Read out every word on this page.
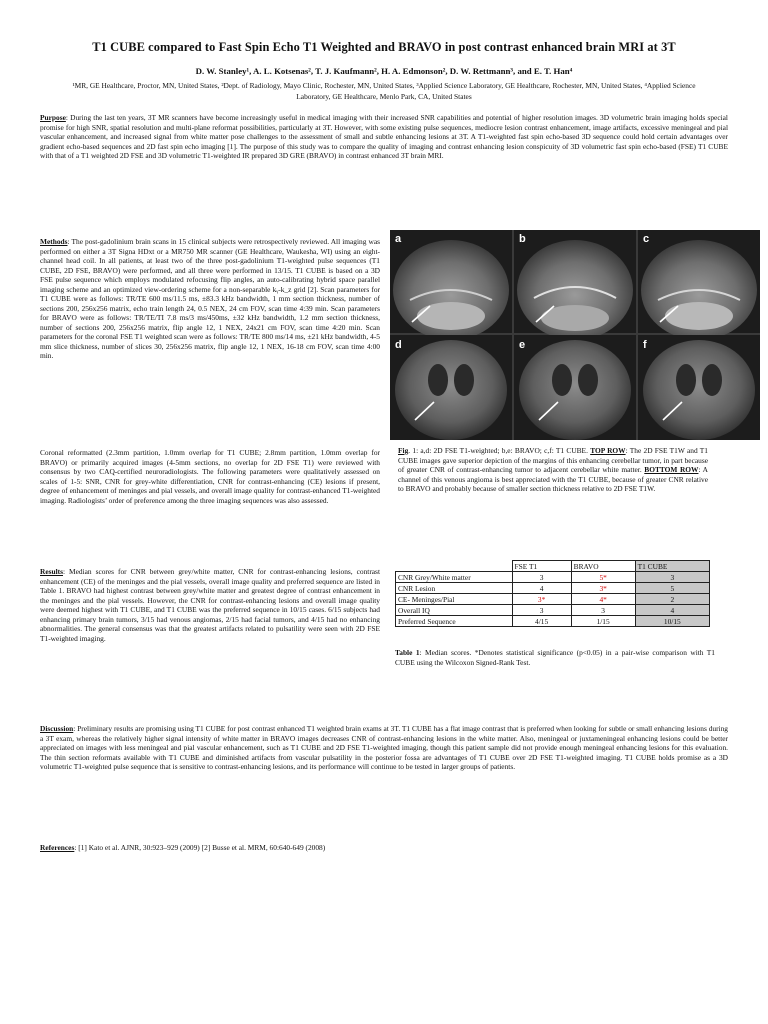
T1 CUBE compared to Fast Spin Echo T1 Weighted and BRAVO in post contrast enhanced brain MRI at 3T
D. W. Stanley¹, A. L. Kotsenas², T. J. Kaufmann², H. A. Edmonson², D. W. Rettmann³, and E. T. Han⁴
¹MR, GE Healthcare, Proctor, MN, United States, ²Dept. of Radiology, Mayo Clinic, Rochester, MN, United States, ³Applied Science Laboratory, GE Healthcare, Rochester, MN, United States, ⁴Applied Science Laboratory, GE Healthcare, Menlo Park, CA, United States

Purpose: During the last ten years, 3T MR scanners have become increasingly useful in medical imaging with their increased SNR capabilities and potential of higher resolution images. 3D volumetric brain imaging holds special promise for high SNR, spatial resolution and multi-plane reformat possibilities, particularly at 3T. However, with some existing pulse sequences, mediocre lesion contrast enhancement, image artifacts, excessive meningeal and pial vascular enhancement, and increased signal from white matter pose challenges to the assessment of small and subtle enhancing lesions at 3T. A T1-weighted fast spin echo-based 3D sequence could hold certain advantages over gradient echo-based sequences and 2D fast spin echo imaging [1]. The purpose of this study was to compare the quality of imaging and contrast enhancing lesion conspicuity of 3D volumetric fast spin echo-based (FSE) T1 CUBE with that of a T1 weighted 2D FSE and 3D volumetric T1-weighted IR prepared 3D GRE (BRAVO) in contrast enhanced 3T brain MRI.

Methods: The post-gadolinium brain scans in 15 clinical subjects were retrospectively reviewed. All imaging was performed on either a 3T Signa HDxt or a MR750 MR scanner (GE Healthcare, Waukesha, WI) using an eight-channel head coil. In all patients, at least two of the three post-gadolinium T1-weighted pulse sequences (T1 CUBE, 2D FSE, BRAVO) were performed, and all three were performed in 13/15. T1 CUBE is based on a 3D FSE pulse sequence which employs modulated refocusing flip angles, an auto-calibrating hybrid space parallel imaging scheme and an optimized view-ordering scheme for a non-separable kᵧ-k_z grid [2]. Scan parameters for T1 CUBE were as follows: TR/TE 600 ms/11.5 ms, ±83.3 kHz bandwidth, 1 mm section thickness, number of sections 200, 256x256 matrix, echo train length 24, 0.5 NEX, 24 cm FOV, scan time 4:39 min. Scan parameters for BRAVO were as follows: TR/TE/TI 7.8 ms/3 ms/450ms, ±32 kHz bandwidth, 1.2 mm section thickness, number of sections 200, 256x256 matrix, flip angle 12, 1 NEX, 24x21 cm FOV, scan time 4:20 min. Scan parameters for the coronal FSE T1 weighted scan were as follows: TR/TE 800 ms/14 ms, ±21 kHz bandwidth, 4-5 mm slice thickness, number of slices 30, 256x256 matrix, flip angle 12, 1 NEX, 16-18 cm FOV, scan time 4:00 min.

Coronal reformatted (2.3mm partition, 1.0mm overlap for T1 CUBE; 2.8mm partition, 1.0mm overlap for BRAVO) or primarily acquired images (4-5mm sections, no overlap for 2D FSE T1) were reviewed with consensus by two CAQ-certified neuroradiologists. The following parameters were qualitatively assessed on scales of 1-5: SNR, CNR for grey-white differentiation, CNR for contrast-enhancing (CE) lesions if present, degree of enhancement of meninges and pial vessels, and overall image quality for contrast-enhanced T1-weighted imaging. Radiologists’ order of preference among the three imaging sequences was also assessed.

Results: Median scores for CNR between grey/white matter, CNR for contrast-enhancing lesions, contrast enhancement (CE) of the meninges and the pial vessels, overall image quality and preferred sequence are listed in Table 1. BRAVO had highest contrast between grey/white matter and greatest degree of contrast enhancement in the meninges and the pial vessels. However, the CNR for contrast-enhancing lesions and overall image quality were deemed highest with T1 CUBE, and T1 CUBE was the preferred sequence in 10/15 cases. 6/15 subjects had enhancing primary brain tumors, 3/15 had venous angiomas, 2/15 had facial tumors, and 4/15 had no enhancing abnormalities. The general consensus was that the greatest artifacts related to pulsatility were seen with 2D FSE T1-weighted imaging.

a	b	c
d	e	f

Fig. 1: a,d: 2D FSE T1-weighted; b,e: BRAVO; c,f: T1 CUBE. TOP ROW: The 2D FSE T1W and T1 CUBE images gave superior depiction of the margins of this enhancing cerebellar tumor, in part because of greater CNR of contrast-enhancing tumor to adjacent cerebellar white matter. BOTTOM ROW: A channel of this venous angioma is best appreciated with the T1 CUBE, because of greater CNR relative to BRAVO and probably because of smaller section thickness relative to 2D FSE T1W.

	FSE T1	BRAVO	T1 CUBE
CNR Grey/White matter	3	5*	3
CNR Lesion	4	3*	5
CE- Meninges/Pial	3*	4*	2
Overall IQ	3	3	4
Preferred Sequence	4/15	1/15	10/15

Table 1: Median scores. *Denotes statistical significance (p<0.05) in a pair-wise comparison with T1 CUBE using the Wilcoxon Signed-Rank Test.

Discussion: Preliminary results are promising using T1 CUBE for post contrast enhanced T1 weighted brain exams at 3T. T1 CUBE has a flat image contrast that is preferred when looking for subtle or small enhancing lesions during a 3T exam, whereas the relatively higher signal intensity of white matter in BRAVO images decreases CNR of contrast-enhancing lesions in the white matter. Also, meningeal or juxtameningeal enhancing lesions could be better appreciated on images with less meningeal and pial vascular enhancement, such as T1 CUBE and 2D FSE T1-weighted imaging, though this patient sample did not provide enough meningeal enhancing lesions for this evaluation. The thin section reformats available with T1 CUBE and diminished artifacts from vascular pulsatility in the posterior fossa are advantages of T1 CUBE over 2D FSE T1-weighted imaging. T1 CUBE holds promise as a 3D volumetric T1-weighted pulse sequence that is sensitive to contrast-enhancing lesions, and its performance will continue to be tested in larger groups of patients.

References: [1] Kato et al. AJNR, 30:923–929 (2009) [2] Busse et al. MRM, 60:640-649 (2008)
